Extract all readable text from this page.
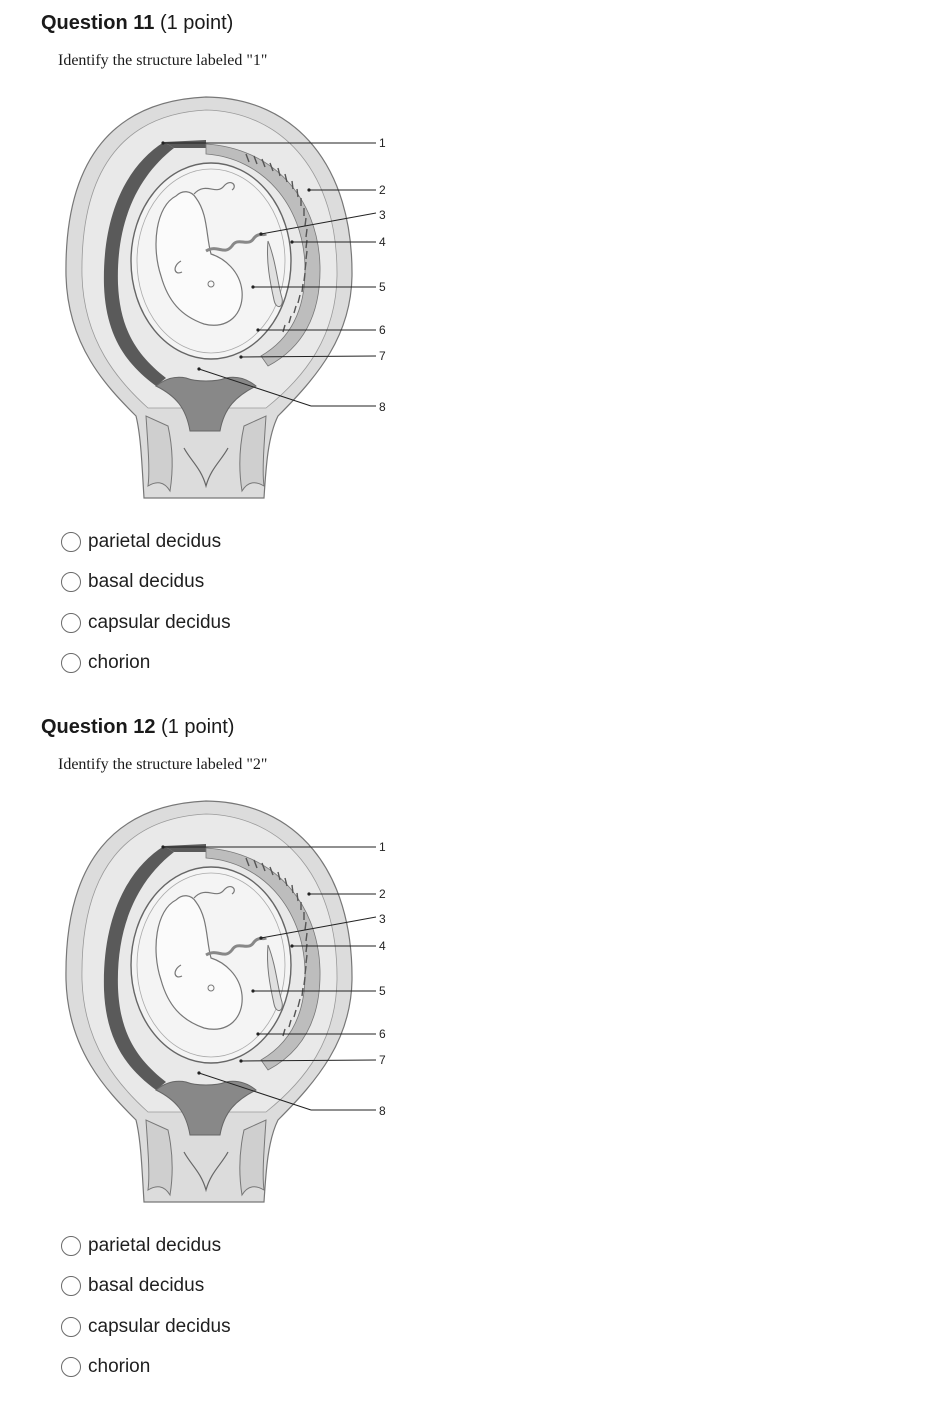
Question 11 (1 point)
Identify the structure labeled "1"
1
2
3
4
5
6
7
8
parietal decidus
basal decidus
capsular decidus
chorion
Question 12 (1 point)
Identify the structure labeled "2"
1
2
3
4
5
6
7
8
parietal decidus
basal decidus
capsular decidus
chorion
